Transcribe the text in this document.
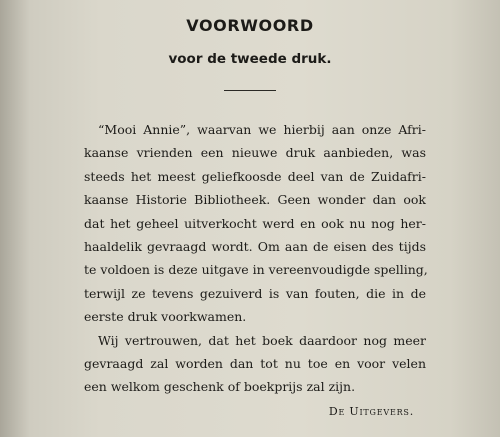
VOORWOORD
voor de tweede druk.
“Mooi Annie”, waarvan we hierbij aan onze Afri-
kaanse vrienden een nieuwe druk aanbieden, was
steeds het meest geliefkoosde deel van de Zuidafri-
kaanse Historie Bibliotheek. Geen wonder dan ook
dat het geheel uitverkocht werd en ook nu nog her-
haaldelik gevraagd wordt. Om aan de eisen des tijds
te voldoen is deze uitgave in vereenvoudigde spelling,
terwijl ze tevens gezuiverd is van fouten, die in de
eerste druk voorkwamen.
Wij vertrouwen, dat het boek daardoor nog meer
gevraagd zal worden dan tot nu toe en voor velen
een welkom geschenk of boekprijs zal zijn.
De Uitgevers.
